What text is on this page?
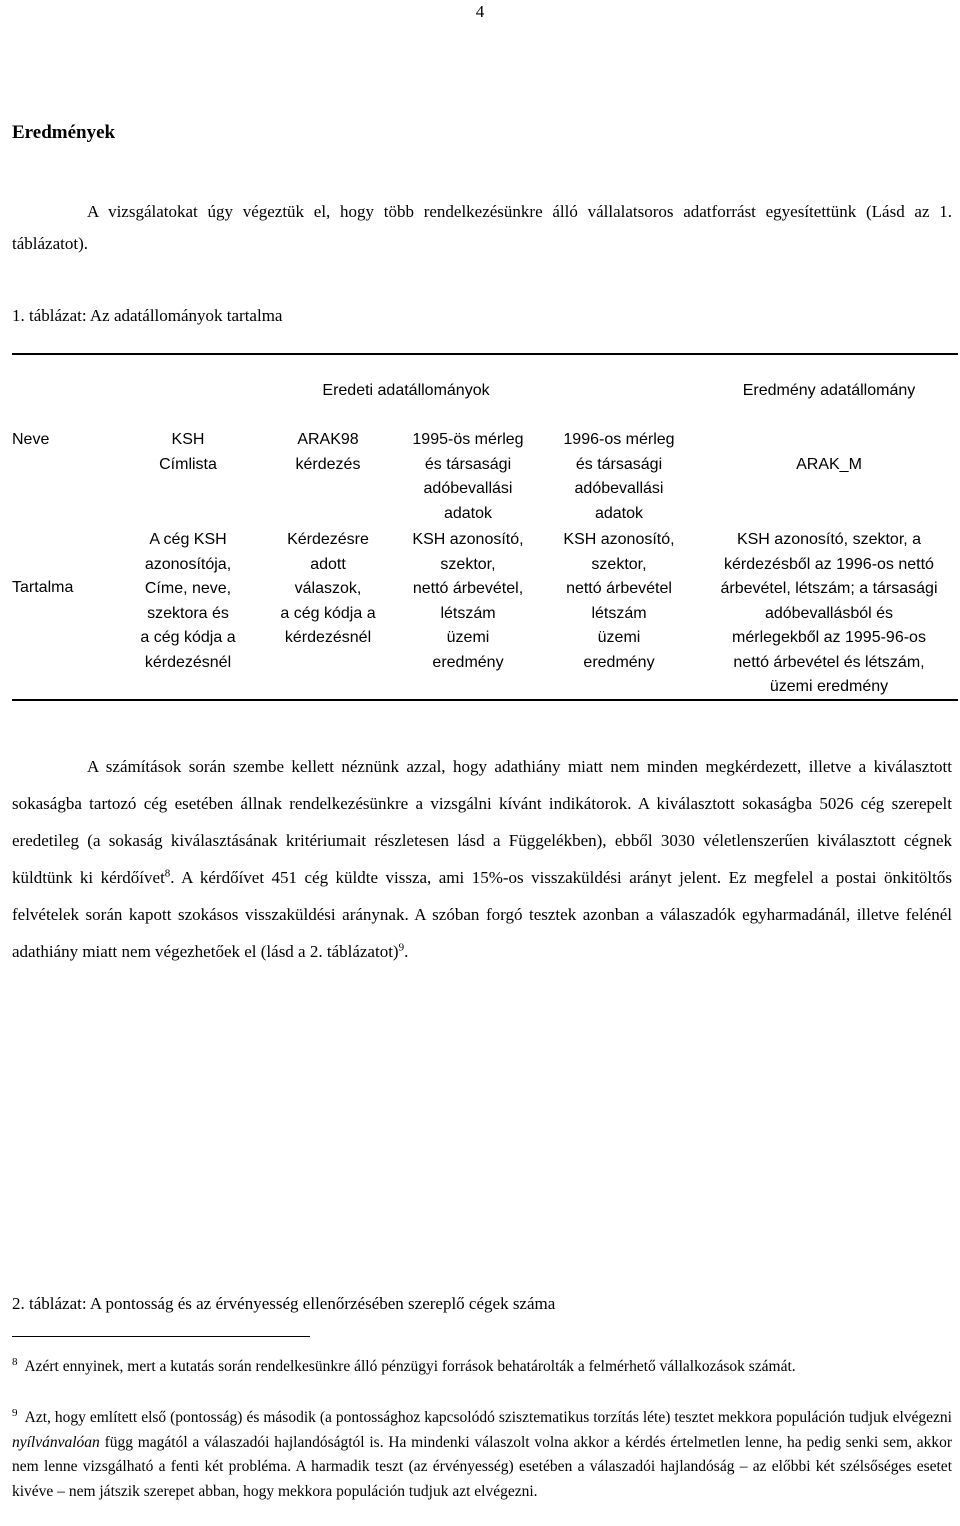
4
Eredmények
A vizsgálatokat úgy végeztük el, hogy több rendelkezésünkre álló vállalatsoros adatforrást egyesítettünk (Lásd az 1. táblázatot).
1. táblázat: Az adatállományok tartalma
Eredeti adatállományok	Eredmény adatállomány
Neve
Tartalma
KSH
Címlista
A cég KSH
azonosítója,
Címe, neve,
szektora és
a cég kódja a
kérdezésnél
ARAK98
kérdezés
Kérdezésre
adott
válaszok,
a cég kódja a
kérdezésnél
1995-ös mérleg
és társasági
adóbevallási
adatok
KSH azonosító,
szektor,
nettó árbevétel,
létszám
üzemi
eredmény
1996-os mérleg
és társasági
adóbevallási
adatok
KSH azonosító,
szektor,
nettó árbevétel
létszám
üzemi
eredmény
ARAK_M
KSH azonosító, szektor, a
kérdezésből az 1996-os nettó
árbevétel, létszám; a társasági
adóbevallásból és
mérlegekből az 1995-96-os
nettó árbevétel és létszám,
üzemi eredmény
A számítások során szembe kellett néznünk azzal, hogy adathiány miatt nem minden megkérdezett, illetve a kiválasztott sokaságba tartozó cég esetében állnak rendelkezésünkre a vizsgálni kívánt indikátorok. A kiválasztott sokaságba 5026 cég szerepelt eredetileg (a sokaság kiválasztásának kritériumait részletesen lásd a Függelékben), ebből 3030 véletlenszerűen kiválasztott cégnek küldtünk ki kérdőívet$^8$. A kérdőívet 451 cég küldte vissza, ami 15%-os visszaküldési arányt jelent. Ez megfelel a postai önkitöltős felvételek során kapott szokásos visszaküldési aránynak. A szóban forgó tesztek azonban a válaszadók egyharmadánál, illetve felénél adathiány miatt nem végezhetőek el (lásd a 2. táblázatot)$^9$.
2. táblázat: A pontosság és az érvényesség ellenőrzésében szereplő cégek száma
$^8$ Azért ennyinek, mert a kutatás során rendelkesünkre álló pénzügyi források behatárolták a felmérhető vállalkozások számát.
$^9$ Azt, hogy említett első (pontosság) és második (a pontossághoz kapcsolódó szisztematikus torzítás léte) tesztet mekkora populáción tudjuk elvégezni nyílvánvalóan függ magától a válaszadói hajlandóságtól is. Ha mindenki válaszolt volna akkor a kérdés értelmetlen lenne, ha pedig senki sem, akkor nem lenne vizsgálható a fenti két probléma. A harmadik teszt (az érvényesség) esetében a válaszadói hajlandóság – az előbbi két szélsőséges esetet kivéve – nem játszik szerepet abban, hogy mekkora populáción tudjuk azt elvégezni.
